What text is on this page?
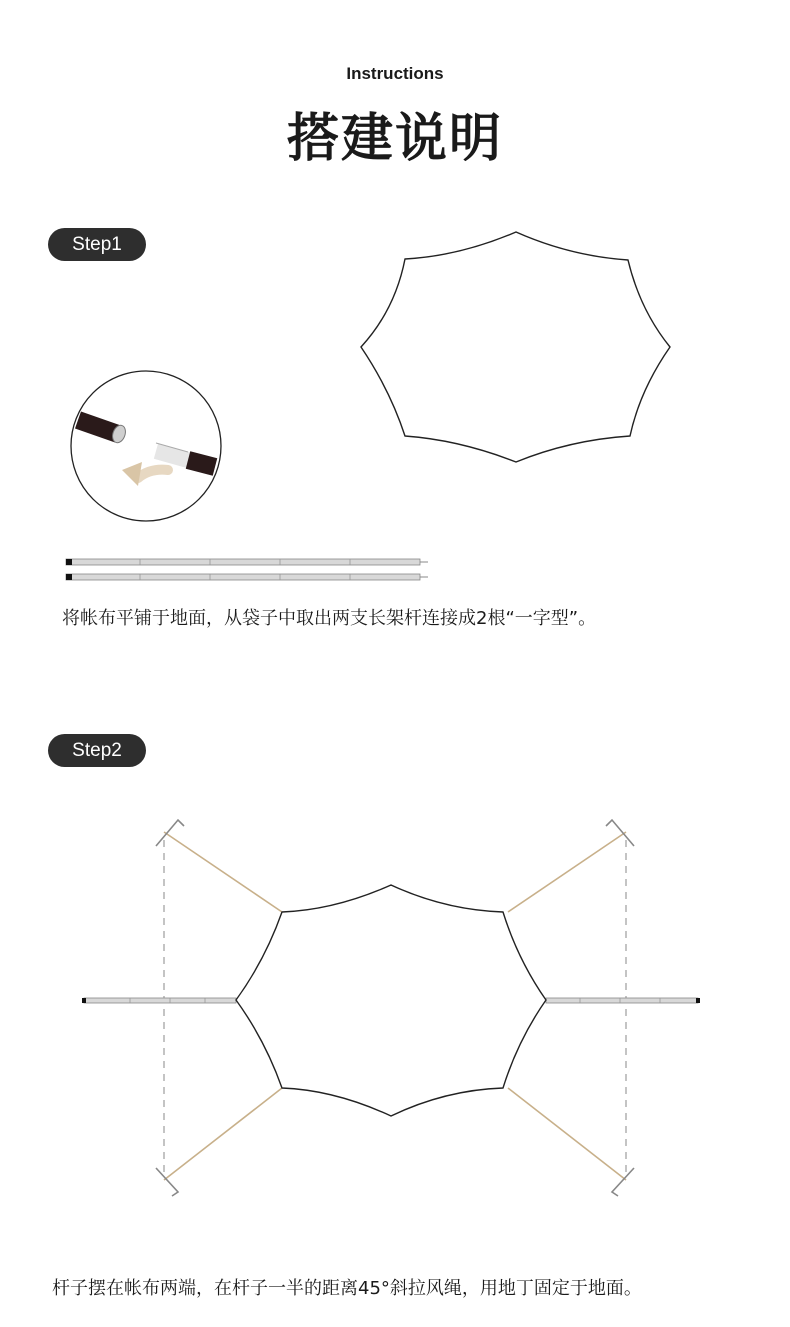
Instructions
搭建说明
Step1
将帐布平铺于地面，从袋子中取出两支长架杆连接成2根“一字型”。
Step2
杆子摆在帐布两端，在杆子一半的距离45°斜拉风绳，用地丁固定于地面。
